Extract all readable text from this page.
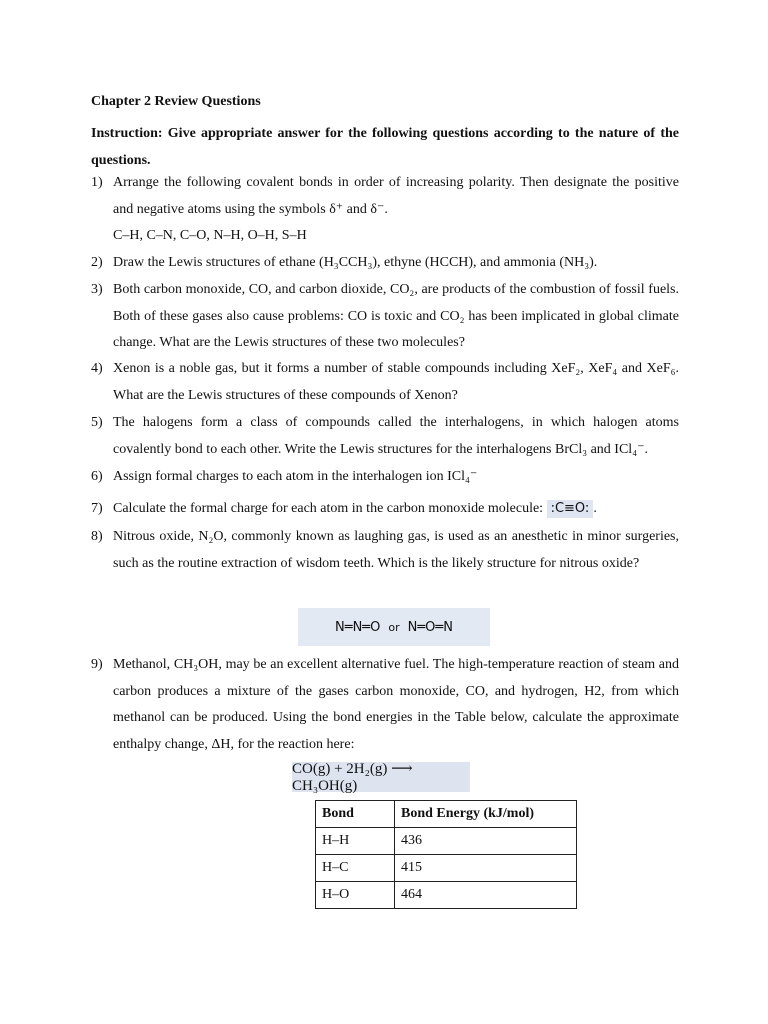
Chapter 2 Review Questions
Instruction: Give appropriate answer for the following questions according to the nature of the questions.
1) Arrange the following covalent bonds in order of increasing polarity. Then designate the positive and negative atoms using the symbols δ⁺ and δ⁻.
C–H, C–N, C–O, N–H, O–H, S–H
2) Draw the Lewis structures of ethane (H₃CCH₃), ethyne (HCCH), and ammonia (NH₃).
3) Both carbon monoxide, CO, and carbon dioxide, CO₂, are products of the combustion of fossil fuels. Both of these gases also cause problems: CO is toxic and CO₂ has been implicated in global climate change. What are the Lewis structures of these two molecules?
4) Xenon is a noble gas, but it forms a number of stable compounds including XeF₂, XeF₄ and XeF₆. What are the Lewis structures of these compounds of Xenon?
5) The halogens form a class of compounds called the interhalogens, in which halogen atoms covalently bond to each other. Write the Lewis structures for the interhalogens BrCl₃ and ICl₄⁻.
6) Assign formal charges to each atom in the interhalogen ion ICl₄⁻
7) Calculate the formal charge for each atom in the carbon monoxide molecule: :C≡O: .
8) Nitrous oxide, N₂O, commonly known as laughing gas, is used as an anesthetic in minor surgeries, such as the routine extraction of wisdom teeth. Which is the likely structure for nitrous oxide?
N═N═O or N═O═N
9) Methanol, CH₃OH, may be an excellent alternative fuel. The high-temperature reaction of steam and carbon produces a mixture of the gases carbon monoxide, CO, and hydrogen, H2, from which methanol can be produced. Using the bond energies in the Table below, calculate the approximate enthalpy change, ΔH, for the reaction here:
CO(g) + 2H₂(g) ⟶ CH₃OH(g)
Bond	Bond Energy (kJ/mol)
H–H	436
H–C	415
H–O	464
